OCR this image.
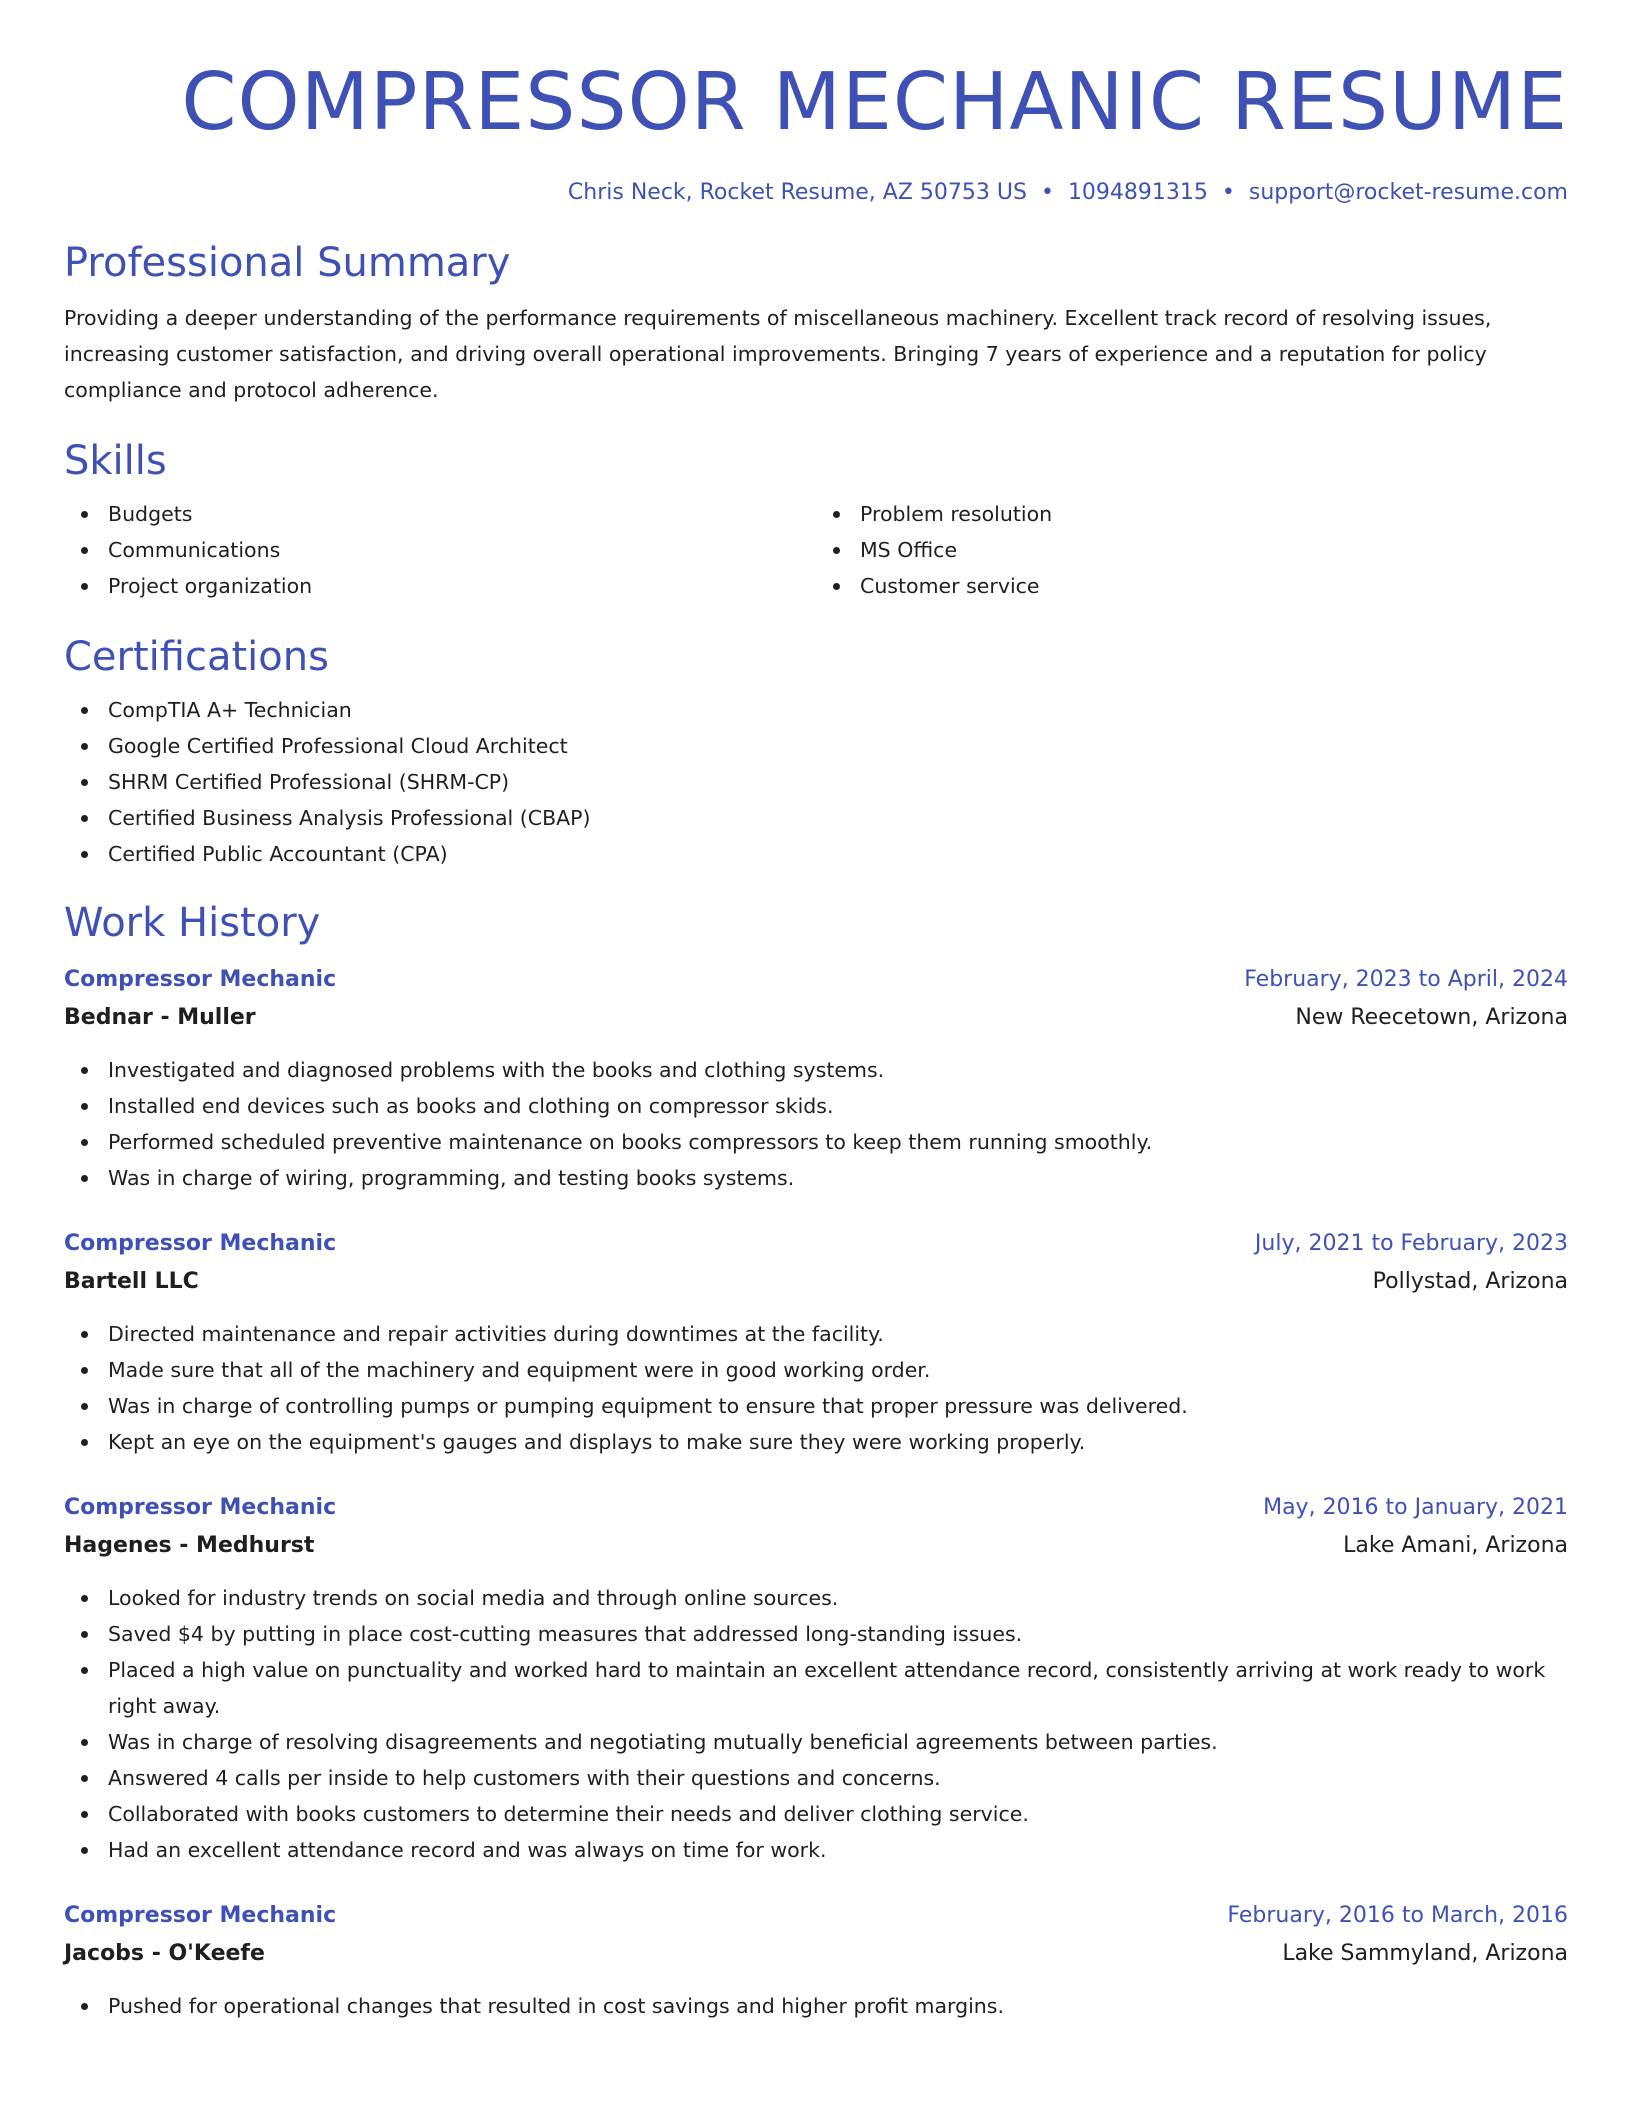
COMPRESSOR MECHANIC RESUME
Chris Neck, Rocket Resume, AZ 50753 US • 1094891315 • support@rocket-resume.com
Professional Summary

Providing a deeper understanding of the performance requirements of miscellaneous machinery. Excellent track record of resolving issues, increasing customer satisfaction, and driving overall operational improvements. Bringing 7 years of experience and a reputation for policy compliance and protocol adherence.

Skills
Budgets
Communications
Project organization
Problem resolution
MS Office
Customer service
Certifications
CompTIA A+ Technician
Google Certified Professional Cloud Architect
SHRM Certified Professional (SHRM-CP)
Certified Business Analysis Professional (CBAP)
Certified Public Accountant (CPA)
Work History
Compressor Mechanic	February, 2023 to April, 2024
Bednar - Muller	New Reecetown, Arizona
Investigated and diagnosed problems with the books and clothing systems.
Installed end devices such as books and clothing on compressor skids.
Performed scheduled preventive maintenance on books compressors to keep them running smoothly.
Was in charge of wiring, programming, and testing books systems.
Compressor Mechanic	July, 2021 to February, 2023
Bartell LLC	Pollystad, Arizona
Directed maintenance and repair activities during downtimes at the facility.
Made sure that all of the machinery and equipment were in good working order.
Was in charge of controlling pumps or pumping equipment to ensure that proper pressure was delivered.
Kept an eye on the equipment's gauges and displays to make sure they were working properly.
Compressor Mechanic	May, 2016 to January, 2021
Hagenes - Medhurst	Lake Amani, Arizona
Looked for industry trends on social media and through online sources.
Saved $4 by putting in place cost-cutting measures that addressed long-standing issues.
Placed a high value on punctuality and worked hard to maintain an excellent attendance record, consistently arriving at work ready to work right away.
Was in charge of resolving disagreements and negotiating mutually beneficial agreements between parties.
Answered 4 calls per inside to help customers with their questions and concerns.
Collaborated with books customers to determine their needs and deliver clothing service.
Had an excellent attendance record and was always on time for work.
Compressor Mechanic	February, 2016 to March, 2016
Jacobs - O'Keefe	Lake Sammyland, Arizona
Pushed for operational changes that resulted in cost savings and higher profit margins.
